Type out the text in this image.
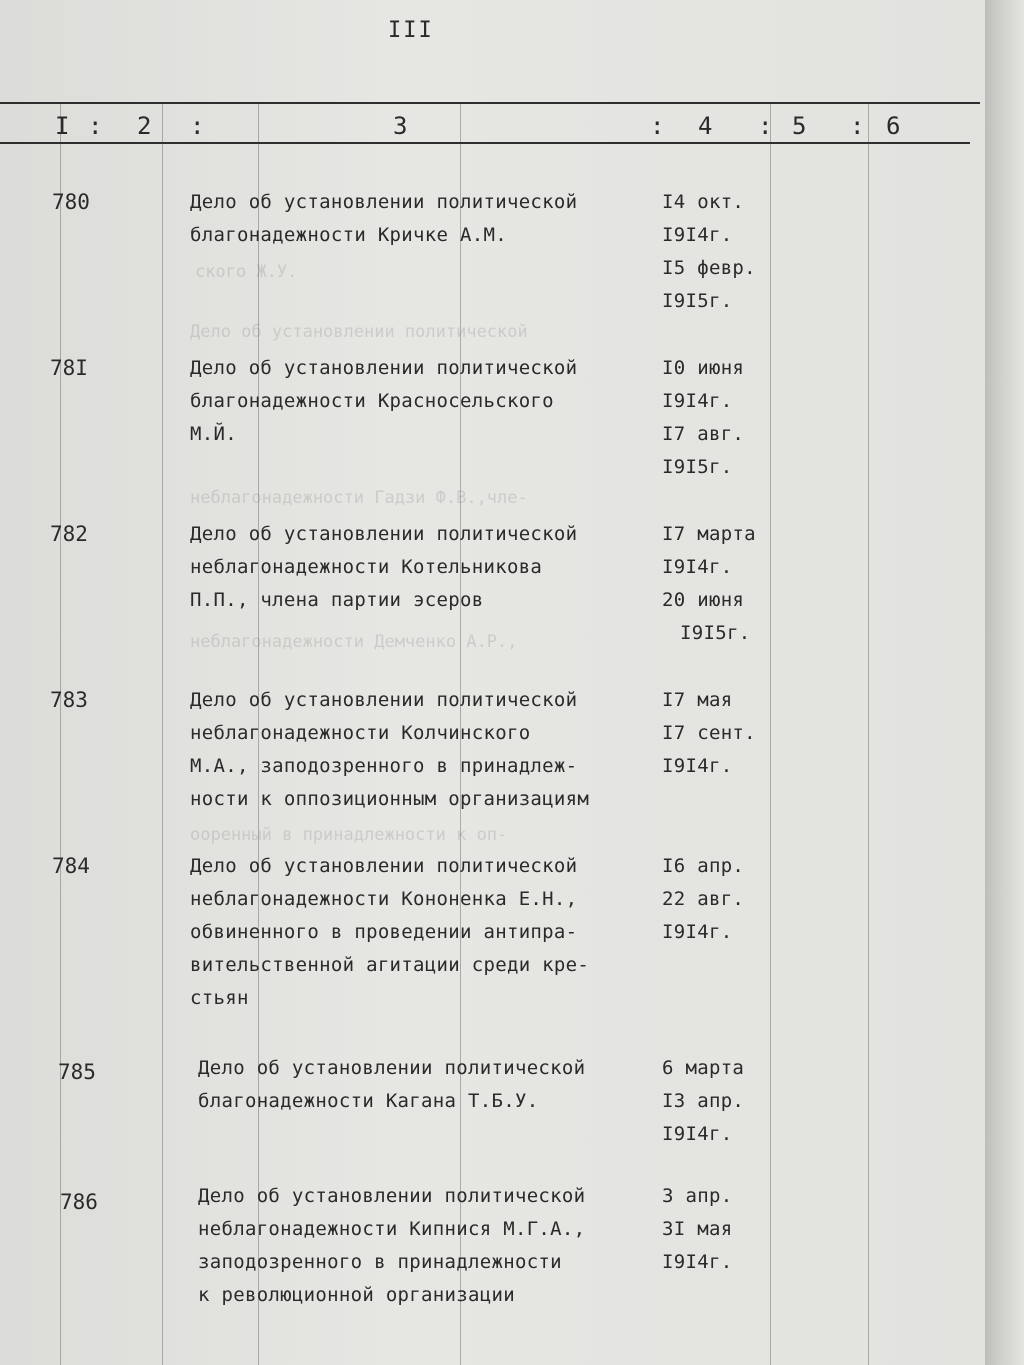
ского Ж.У.
Дело об установлении политической
неблагонадежности Гадзи Ф.В.,чле-
неблагонадежности Демченко А.Р.,
ооренный в принадлежности к оп-
III
I : 2 :	3	: 4 : 5 : 6
780	Дело об установлении политической
благонадежности Кричке А.М.
I4 окт.
I9I4г.
I5 февр.
I9I5г.
78I	Дело об установлении политической
благонадежности Красносельского
М.Й.
I0 июня
I9I4г.
I7 авг.
I9I5г.
782	Дело об установлении политической
неблагонадежности Котельникова
П.П., члена партии эсеров
I7 марта
I9I4г.
20 июня
I9I5г.
783	Дело об установлении политической
неблагонадежности Колчинского
М.А., заподозренного в принадлеж-
ности к оппозиционным организациям
I7 мая
I7 сент.
I9I4г.
784	Дело об установлении политической
неблагонадежности Кононенка Е.Н.,
обвиненного в проведении антипра-
вительственной агитации среди кре-
стьян
I6 апр.
22 авг.
I9I4г.
785	Дело об установлении политической
благонадежности Кагана Т.Б.У.
6 марта
I3 апр.
I9I4г.
786	Дело об установлении политической
неблагонадежности Кипнися М.Г.А.,
заподозренного в принадлежности
к революционной организации
3 апр.
3I мая
I9I4г.
